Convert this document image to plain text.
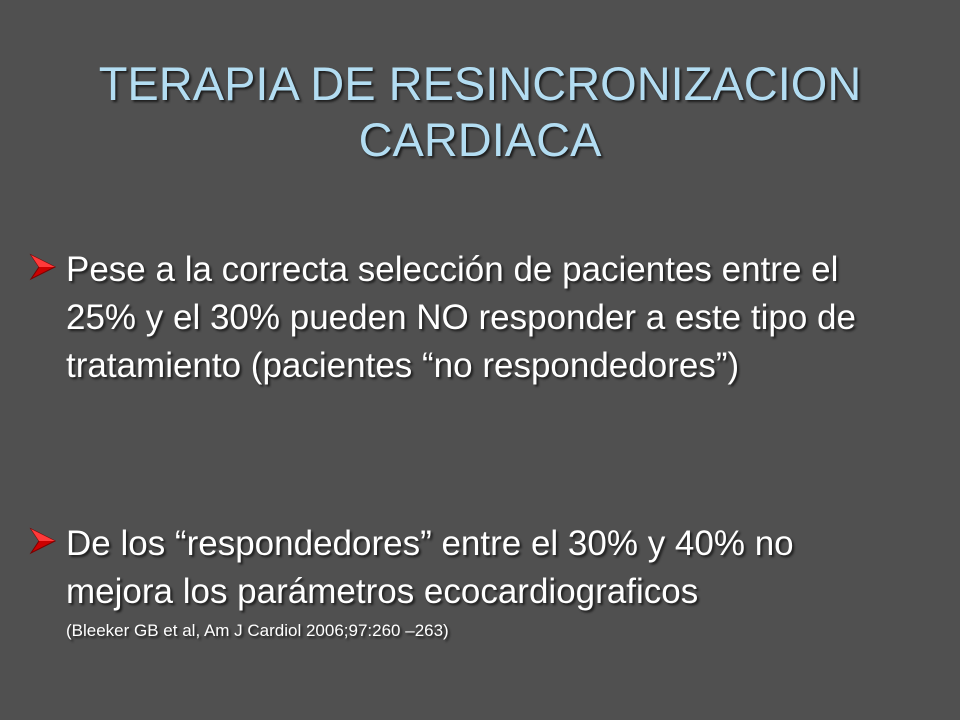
TERAPIA DE RESINCRONIZACION
CARDIACA
Pese a la correcta selección de pacientes entre el 25% y el 30% pueden NO responder a este tipo de tratamiento (pacientes “no respondedores”)
De los “respondedores” entre el 30% y 40% no mejora los parámetros ecocardiograficos
(Bleeker GB et al, Am J Cardiol 2006;97:260 –263)
